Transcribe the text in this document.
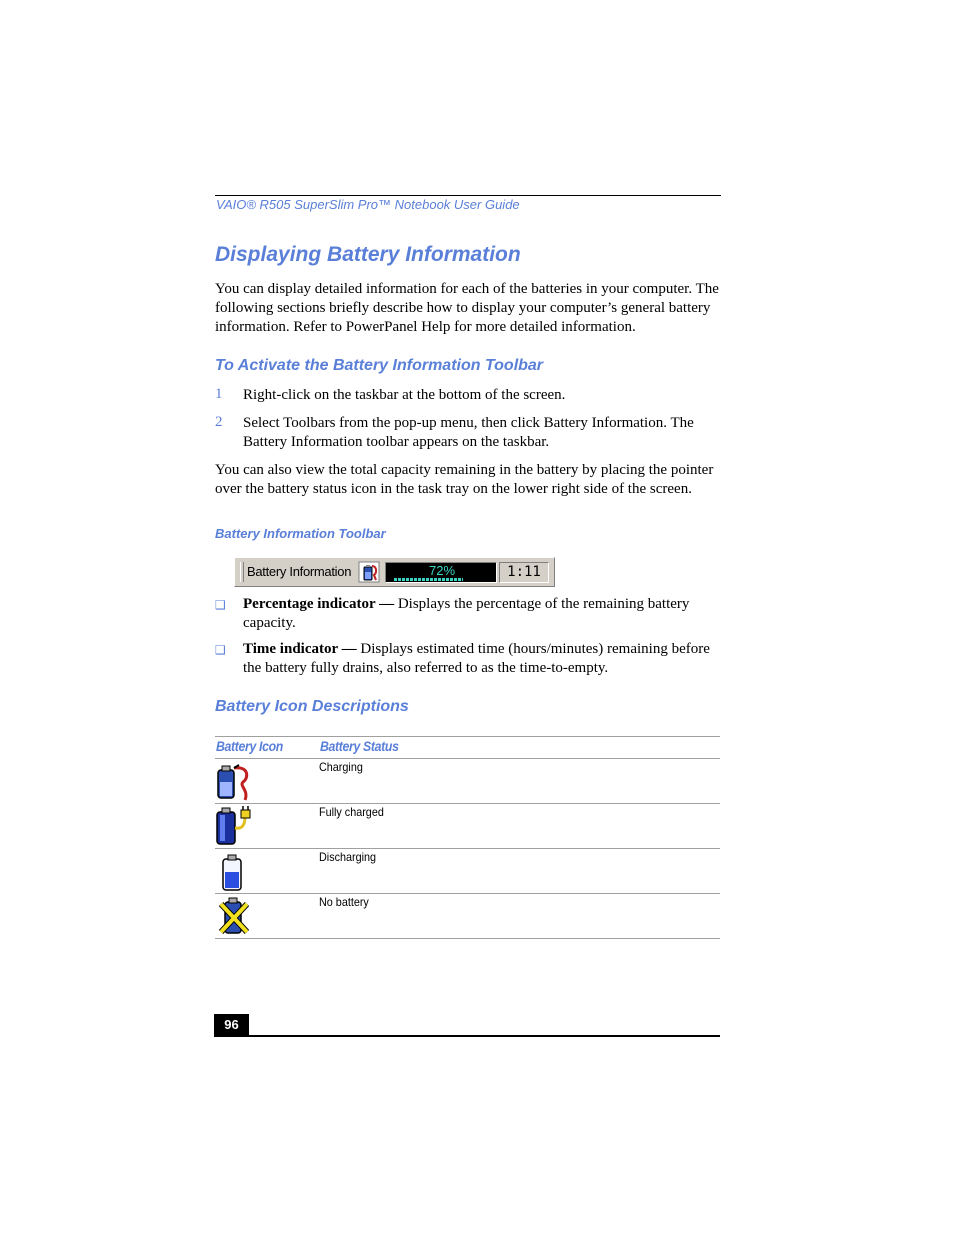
VAIO® R505 SuperSlim Pro™ Notebook User Guide
Displaying Battery Information
You can display detailed information for each of the batteries in your computer. The following sections briefly describe how to display your computer’s general battery information. Refer to PowerPanel Help for more detailed information.
To Activate the Battery Information Toolbar
1 Right-click on the taskbar at the bottom of the screen.
2 Select Toolbars from the pop-up menu, then click Battery Information. The Battery Information toolbar appears on the taskbar.
You can also view the total capacity remaining in the battery by placing the pointer over the battery status icon in the task tray on the lower right side of the screen.
Battery Information Toolbar
Battery Information	72%	1:11
❑ Percentage indicator — Displays the percentage of the remaining battery capacity.
❑ Time indicator — Displays estimated time (hours/minutes) remaining before the battery fully drains, also referred to as the time-to-empty.
Battery Icon Descriptions
Battery Icon	Battery Status
Charging
Fully charged
Discharging
No battery
96
